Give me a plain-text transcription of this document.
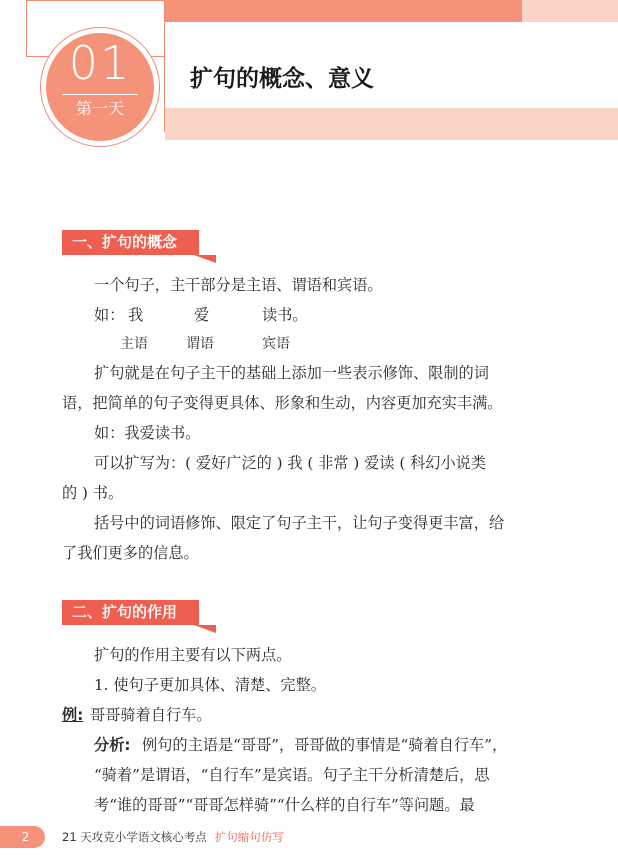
01
第一天
扩句的概念、意义
一、扩句的概念
一个句子，主干部分是主语、谓语和宾语。
如： 我	爱	读书。
主语	谓语	宾语
扩句就是在句子主干的基础上添加一些表示修饰、限制的词
语，把简单的句子变得更具体、形象和生动，内容更加充实丰满。
如：我爱读书。
可以扩写为：( 爱好广泛的 ) 我 ( 非常 ) 爱读 ( 科幻小说类
的 ) 书。
括号中的词语修饰、限定了句子主干，让句子变得更丰富，给
了我们更多的信息。
二、扩句的作用
扩句的作用主要有以下两点。
1. 使句子更加具体、清楚、完整。
例: 哥哥骑着自行车。
分析: 例句的主语是“哥哥”，哥哥做的事情是“骑着自行车”，
“骑着”是谓语，“自行车”是宾语。句子主干分析清楚后，思
考“谁的哥哥”“哥哥怎样骑”“什么样的自行车”等问题。最
2	21 天攻克小学语文核心考点 扩句缩句仿写
